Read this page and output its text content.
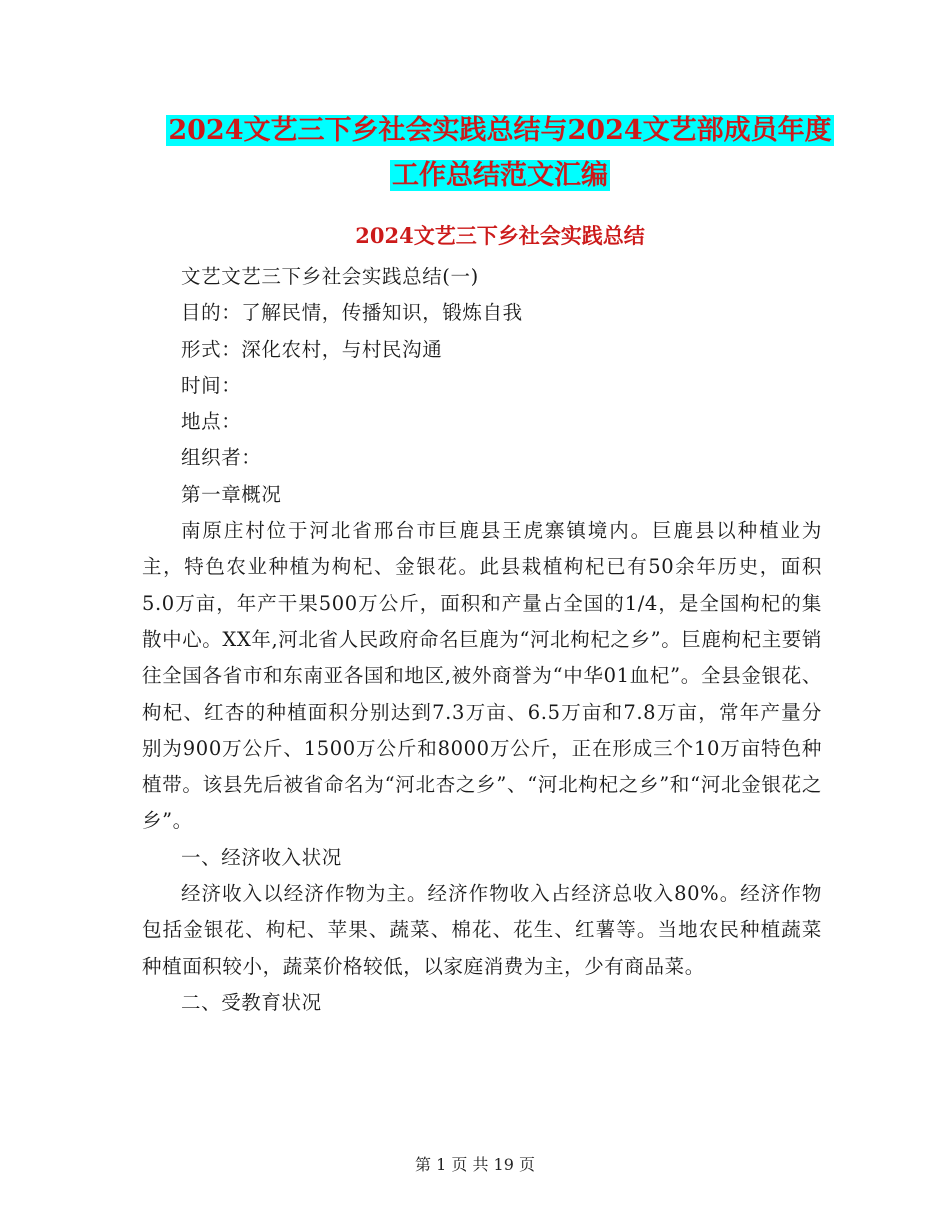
2024文艺三下乡社会实践总结与2024文艺部成员年度
工作总结范文汇编
2024文艺三下乡社会实践总结

文艺文艺三下乡社会实践总结(一)

目的：了解民情，传播知识，锻炼自我

形式：深化农村，与村民沟通

时间：

地点：

组织者：

第一章概况

南原庄村位于河北省邢台市巨鹿县王虎寨镇境内。巨鹿县以种植业为主，特色农业种植为枸杞、金银花。此县栽植枸杞已有50余年历史，面积5.0万亩，年产干果500万公斤，面积和产量占全国的1/4，是全国枸杞的集散中心。XX年,河北省人民政府命名巨鹿为“河北枸杞之乡”。巨鹿枸杞主要销往全国各省市和东南亚各国和地区,被外商誉为“中华01血杞”。全县金银花、枸杞、红杏的种植面积分别达到7.3万亩、6.5万亩和7.8万亩，常年产量分别为900万公斤、1500万公斤和8000万公斤，正在形成三个10万亩特色种植带。该县先后被省命名为“河北杏之乡”、“河北枸杞之乡”和“河北金银花之乡”。

一、经济收入状况

经济收入以经济作物为主。经济作物收入占经济总收入80%。经济作物包括金银花、枸杞、苹果、蔬菜、棉花、花生、红薯等。当地农民种植蔬菜种植面积较小，蔬菜价格较低，以家庭消费为主，少有商品菜。

二、受教育状况

第 1 页 共 19 页
